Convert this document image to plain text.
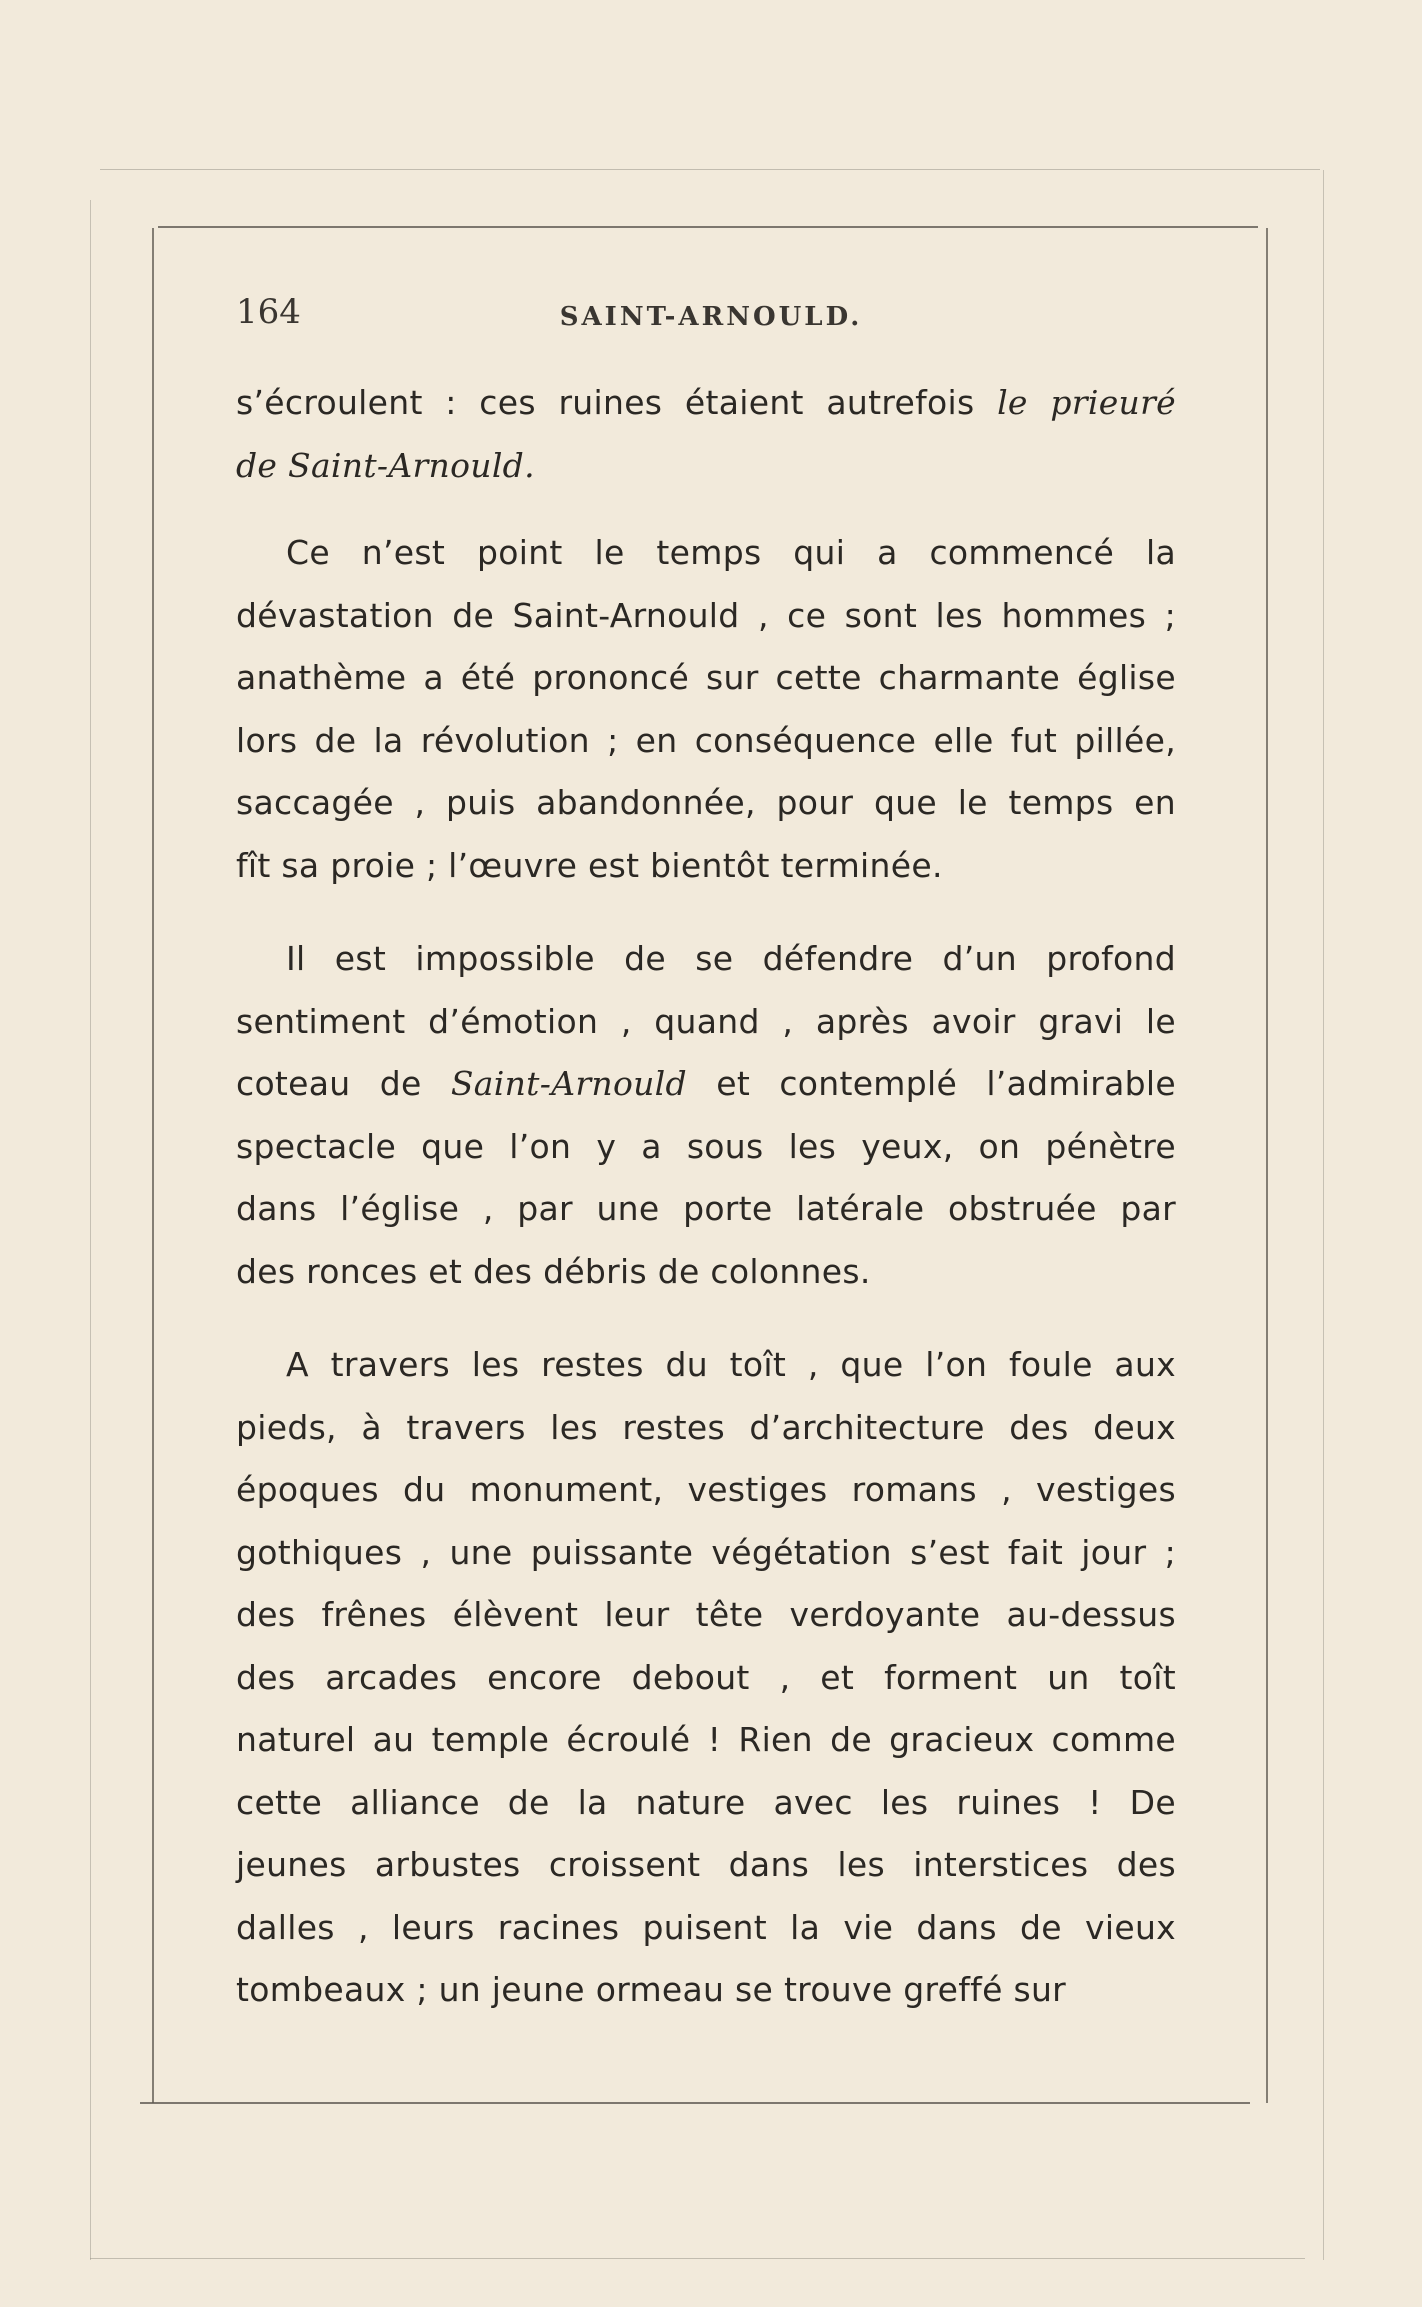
164	SAINT-ARNOULD.
s’écroulent : ces ruines étaient autrefois le prieuré
de Saint-Arnould.
Ce n’est point le temps qui a commencé la
dévastation de Saint-Arnould , ce sont les hommes ;
anathème a été prononcé sur cette charmante église
lors de la révolution ; en conséquence elle fut pillée,
saccagée , puis abandonnée, pour que le temps en
fît sa proie ; l’œuvre est bientôt terminée.
Il est impossible de se défendre d’un profond
sentiment d’émotion , quand , après avoir gravi le
coteau de Saint-Arnould et contemplé l’admirable
spectacle que l’on y a sous les yeux, on pénètre
dans l’église , par une porte latérale obstruée par
des ronces et des débris de colonnes.
A travers les restes du toît , que l’on foule aux
pieds, à travers les restes d’architecture des deux
époques du monument, vestiges romans , vestiges
gothiques , une puissante végétation s’est fait jour ;
des frênes élèvent leur tête verdoyante au-dessus
des arcades encore debout , et forment un toît
naturel au temple écroulé ! Rien de gracieux comme
cette alliance de la nature avec les ruines ! De
jeunes arbustes croissent dans les interstices des
dalles , leurs racines puisent la vie dans de vieux
tombeaux ; un jeune ormeau se trouve greffé sur
